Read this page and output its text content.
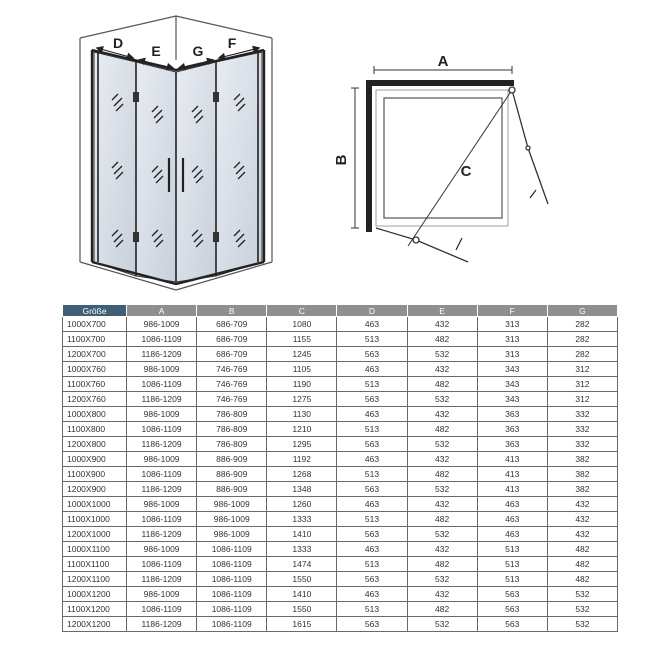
D E G F
A
B
C
Größe	A	B	C	D	E	F	G
1000X700	986-1009	686-709	1080	463	432	313	282
1100X700	1086-1109	686-709	1155	513	482	313	282
1200X700	1186-1209	686-709	1245	563	532	313	282
1000X760	986-1009	746-769	1105	463	432	343	312
1100X760	1086-1109	746-769	1190	513	482	343	312
1200X760	1186-1209	746-769	1275	563	532	343	312
1000X800	986-1009	786-809	1130	463	432	363	332
1100X800	1086-1109	786-809	1210	513	482	363	332
1200X800	1186-1209	786-809	1295	563	532	363	332
1000X900	986-1009	886-909	1192	463	432	413	382
1100X900	1086-1109	886-909	1268	513	482	413	382
1200X900	1186-1209	886-909	1348	563	532	413	382
1000X1000	986-1009	986-1009	1260	463	432	463	432
1100X1000	1086-1109	986-1009	1333	513	482	463	432
1200X1000	1186-1209	986-1009	1410	563	532	463	432
1000X1100	986-1009	1086-1109	1333	463	432	513	482
1100X1100	1086-1109	1086-1109	1474	513	482	513	482
1200X1100	1186-1209	1086-1109	1550	563	532	513	482
1000X1200	986-1009	1086-1109	1410	463	432	563	532
1100X1200	1086-1109	1086-1109	1550	513	482	563	532
1200X1200	1186-1209	1086-1109	1615	563	532	563	532
